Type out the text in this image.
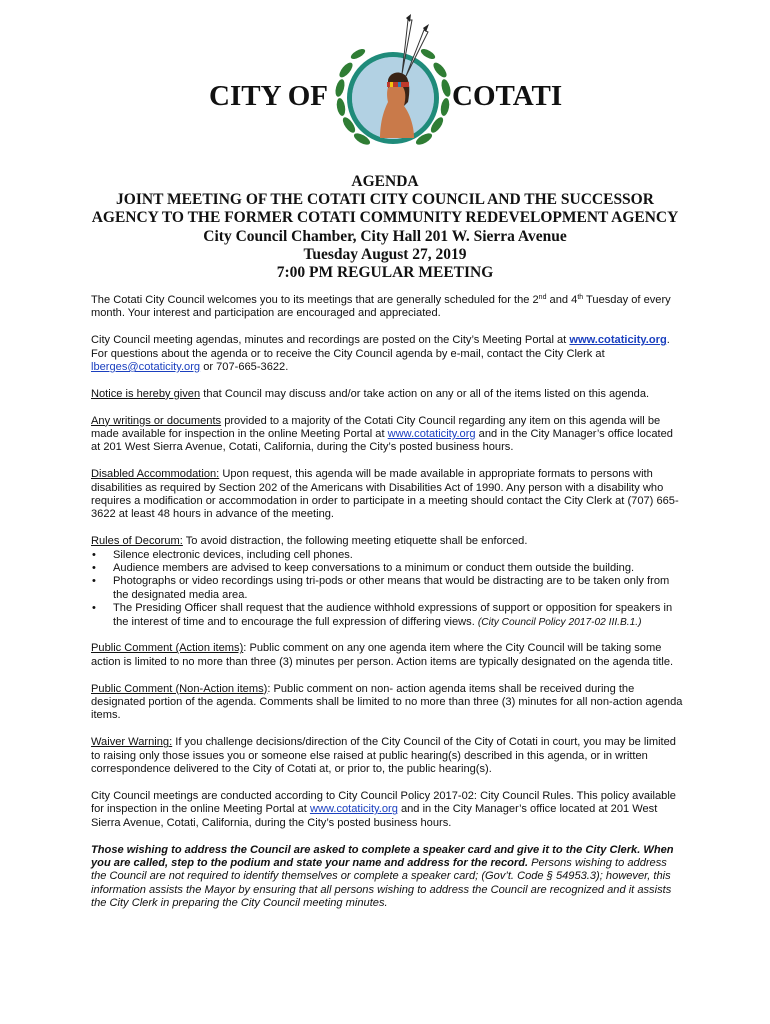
CITY OF	COTATI
AGENDA
JOINT MEETING OF THE COTATI CITY COUNCIL AND THE SUCCESSOR
AGENCY TO THE FORMER COTATI COMMUNITY REDEVELOPMENT AGENCY
City Council Chamber, City Hall 201 W. Sierra Avenue
Tuesday August 27, 2019
7:00 PM REGULAR MEETING

The Cotati City Council welcomes you to its meetings that are generally scheduled for the 2nd and 4th Tuesday of every month. Your interest and participation are encouraged and appreciated.

City Council meeting agendas, minutes and recordings are posted on the City’s Meeting Portal at www.cotaticity.org. For questions about the agenda or to receive the City Council agenda by e-mail, contact the City Clerk at lberges@cotaticity.org or 707-665-3622.

Notice is hereby given that Council may discuss and/or take action on any or all of the items listed on this agenda.

Any writings or documents provided to a majority of the Cotati City Council regarding any item on this agenda will be made available for inspection in the online Meeting Portal at www.cotaticity.org and in the City Manager’s office located at 201 West Sierra Avenue, Cotati, California, during the City’s posted business hours.

Disabled Accommodation: Upon request, this agenda will be made available in appropriate formats to persons with disabilities as required by Section 202 of the Americans with Disabilities Act of 1990. Any person with a disability who requires a modification or accommodation in order to participate in a meeting should contact the City Clerk at (707) 665-3622 at least 48 hours in advance of the meeting.

Rules of Decorum: To avoid distraction, the following meeting etiquette shall be enforced.

• Silence electronic devices, including cell phones.
• Audience members are advised to keep conversations to a minimum or conduct them outside the building.
• Photographs or video recordings using tri-pods or other means that would be distracting are to be taken only from the designated media area.
• The Presiding Officer shall request that the audience withhold expressions of support or opposition for speakers in the interest of time and to encourage the full expression of differing views. (City Council Policy 2017-02 III.B.1.)

Public Comment (Action items): Public comment on any one agenda item where the City Council will be taking some action is limited to no more than three (3) minutes per person. Action items are typically designated on the agenda title.

Public Comment (Non-Action items): Public comment on non- action agenda items shall be received during the designated portion of the agenda. Comments shall be limited to no more than three (3) minutes for all non-action agenda items.

Waiver Warning: If you challenge decisions/direction of the City Council of the City of Cotati in court, you may be limited to raising only those issues you or someone else raised at public hearing(s) described in this agenda, or in written correspondence delivered to the City of Cotati at, or prior to, the public hearing(s).

City Council meetings are conducted according to City Council Policy 2017-02: City Council Rules. This policy available for inspection in the online Meeting Portal at www.cotaticity.org and in the City Manager’s office located at 201 West Sierra Avenue, Cotati, California, during the City’s posted business hours.

Those wishing to address the Council are asked to complete a speaker card and give it to the City Clerk. When you are called, step to the podium and state your name and address for the record. Persons wishing to address the Council are not required to identify themselves or complete a speaker card; (Gov’t. Code § 54953.3); however, this information assists the Mayor by ensuring that all persons wishing to address the Council are recognized and it assists the City Clerk in preparing the City Council meeting minutes.
